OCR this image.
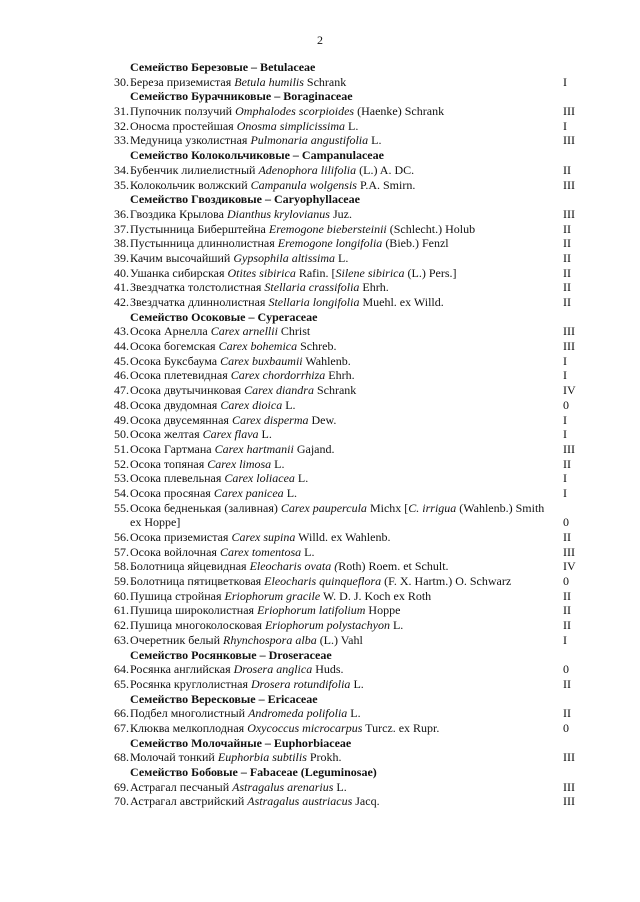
2
Семейство Березовые – Betulaceae
30. Береза приземистая Betula humilis Schrank	I
Семейство Бурачниковые – Boraginaceae
31. Пупочник ползучий Omphalodes scorpioides (Haenke) Schrank	III
32. Оносма простейшая Onosma simplicissima L.	I
33. Медуница узколистная Pulmonaria angustifolia L.	III
Семейство Колокольчиковые – Campanulaceae
34. Бубенчик лилиелистный Adenophora lilifolia (L.) A. DC.	II
35. Колокольчик волжский Campanula wolgensis P.A. Smirn.	III
Семейство Гвоздиковые – Caryophyllaceae
36. Гвоздика Крылова Dianthus krylovianus Juz.	III
37. Пустынница Биберштейна Eremogone biebersteinii (Schlecht.) Holub	II
38. Пустынница длиннолистная Eremogone longifolia (Bieb.) Fenzl	II
39. Качим высочайший Gypsophila altissima L.	II
40. Ушанка сибирская Otites sibirica Rafin. [Silene sibirica (L.) Pers.]	II
41. Звездчатка толстолистная Stellaria crassifolia Ehrh.	II
42. Звездчатка длиннолистная Stellaria longifolia Muehl. ex Willd.	II
Семейство Осоковые – Cyperaceae
43. Осока Арнелла Carex arnellii Christ	III
44. Осока богемская Carex bohemica Schreb.	III
45. Осока Буксбаума Carex buxbaumii Wahlenb.	I
46. Осока плетевидная Carex chordorrhiza Ehrh.	I
47. Осока двутычинковая Carex diandra Schrank	IV
48. Осока двудомная Carex dioica L.	0
49. Осока двусемянная Carex disperma Dew.	I
50. Осока желтая Carex flava L.	I
51. Осока Гартмана Carex hartmanii Gajand.	III
52. Осока топяная Carex limosa L.	II
53. Осока плевельная Carex loliacea L.	I
54. Осока просяная Carex panicea L.	I
55. Осока бедненькая (заливная) Carex paupercula Michx [C. irrigua (Wahlenb.) Smith ex Hoppe]	0
56. Осока приземистая Carex supina Willd. ex Wahlenb.	II
57. Осока войлочная Carex tomentosa L.	III
58. Болотница яйцевидная Eleocharis ovata (Roth) Roem. et Schult.	IV
59. Болотница пятицветковая Eleocharis quinqueflora (F. X. Hartm.) O. Schwarz	0
60. Пушица стройная Eriophorum gracile W. D. J. Koch ex Roth	II
61. Пушица широколистная Eriophorum latifolium Hoppe	II
62. Пушица многоколосковая Eriophorum polystachyon L.	II
63. Очеретник белый Rhynchospora alba (L.) Vahl	I
Семейство Росянковые – Droseraceae
64. Росянка английская Drosera anglica Huds.	0
65. Росянка круглолистная Drosera rotundifolia L.	II
Семейство Вересковые – Ericaceae
66. Подбел многолистный Andromeda polifolia L.	II
67. Клюква мелкоплодная Oxycoccus microcarpus Turcz. ex Rupr.	0
Семейство Молочайные – Euphorbiaceae
68. Молочай тонкий Euphorbia subtilis Prokh.	III
Семейство Бобовые – Fabaceae (Leguminosae)
69. Астрагал песчаный Astragalus arenarius L.	III
70. Астрагал австрийский Astragalus austriacus Jacq.	III
